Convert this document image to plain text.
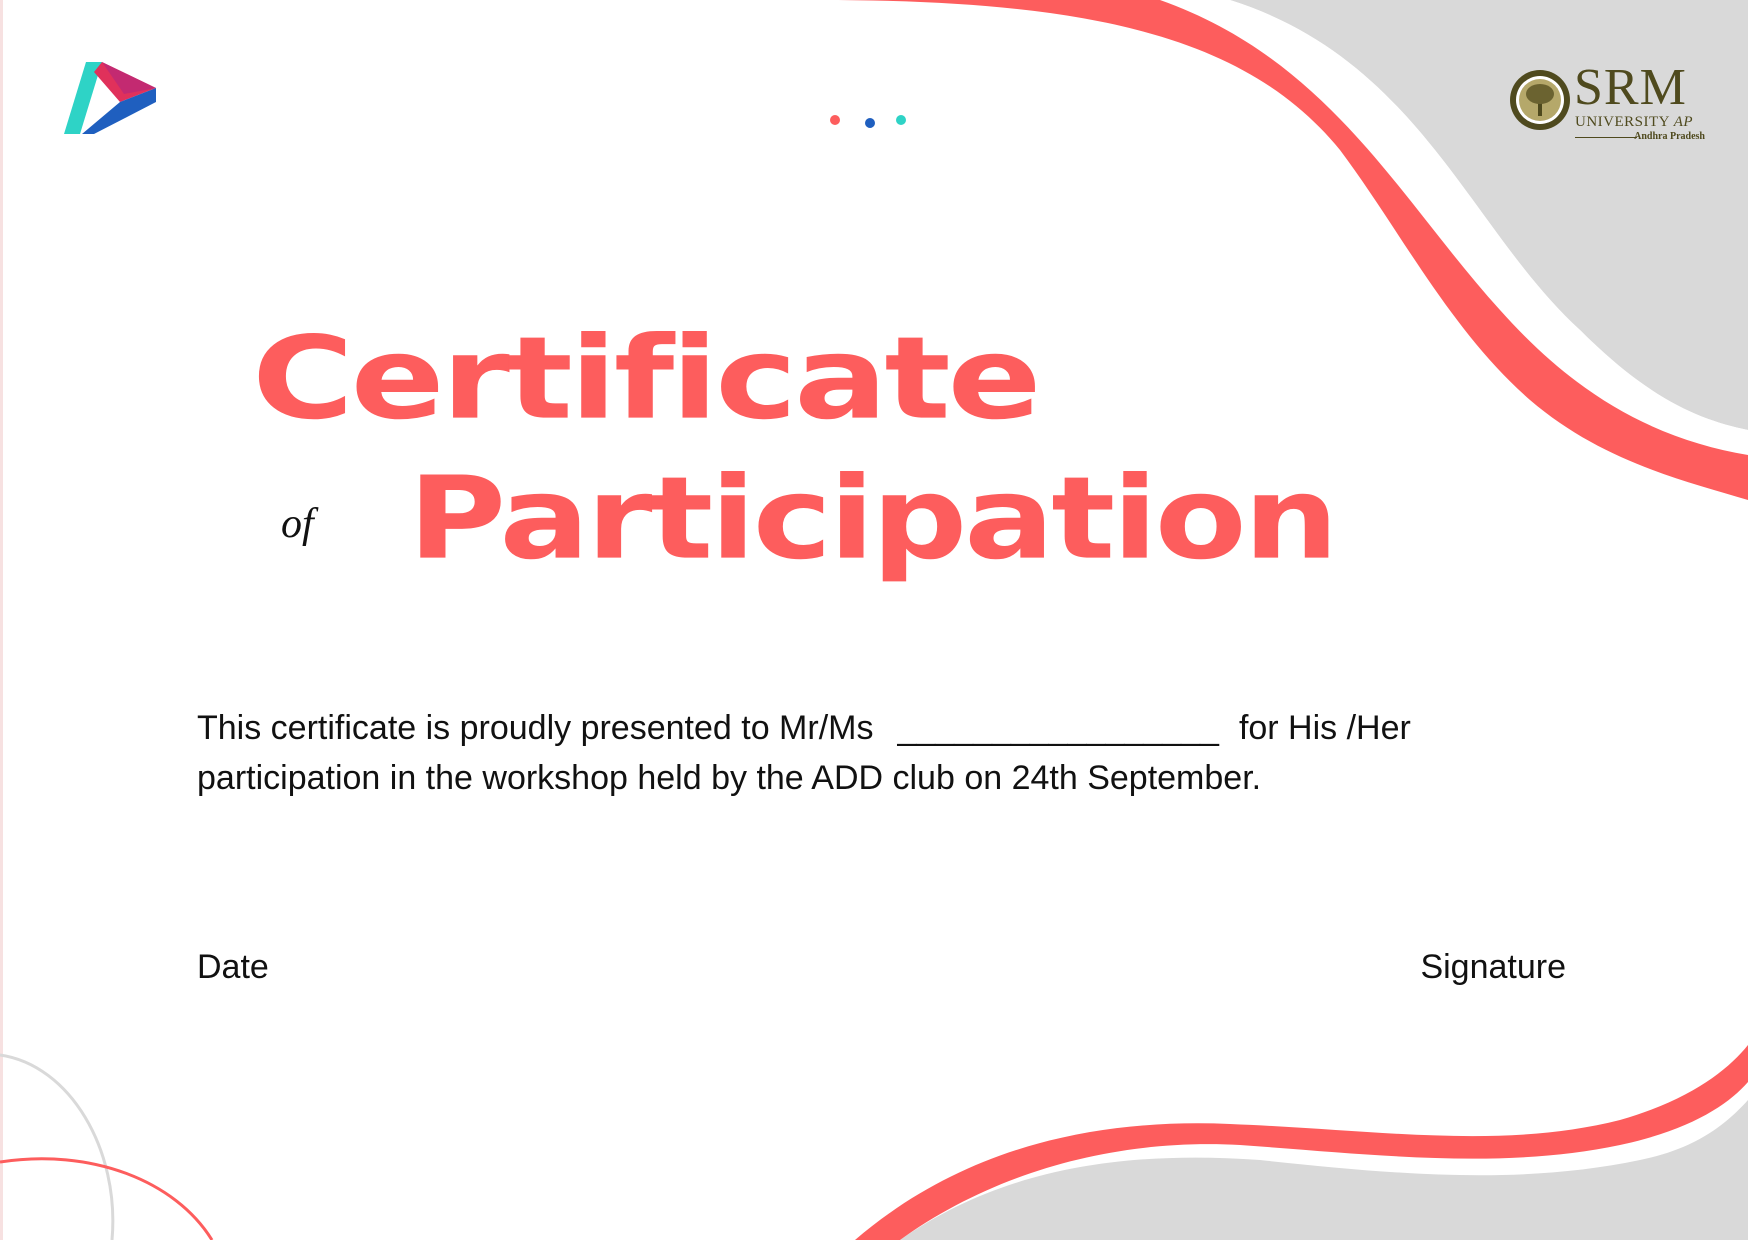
SRM
UNIVERSITY AP
Andhra Pradesh
Certificate
of Participation
This certificate is proudly presented to Mr/Ms _________________ for His /Her
participation in the workshop held by the ADD club on 24th September.
Date	Signature
